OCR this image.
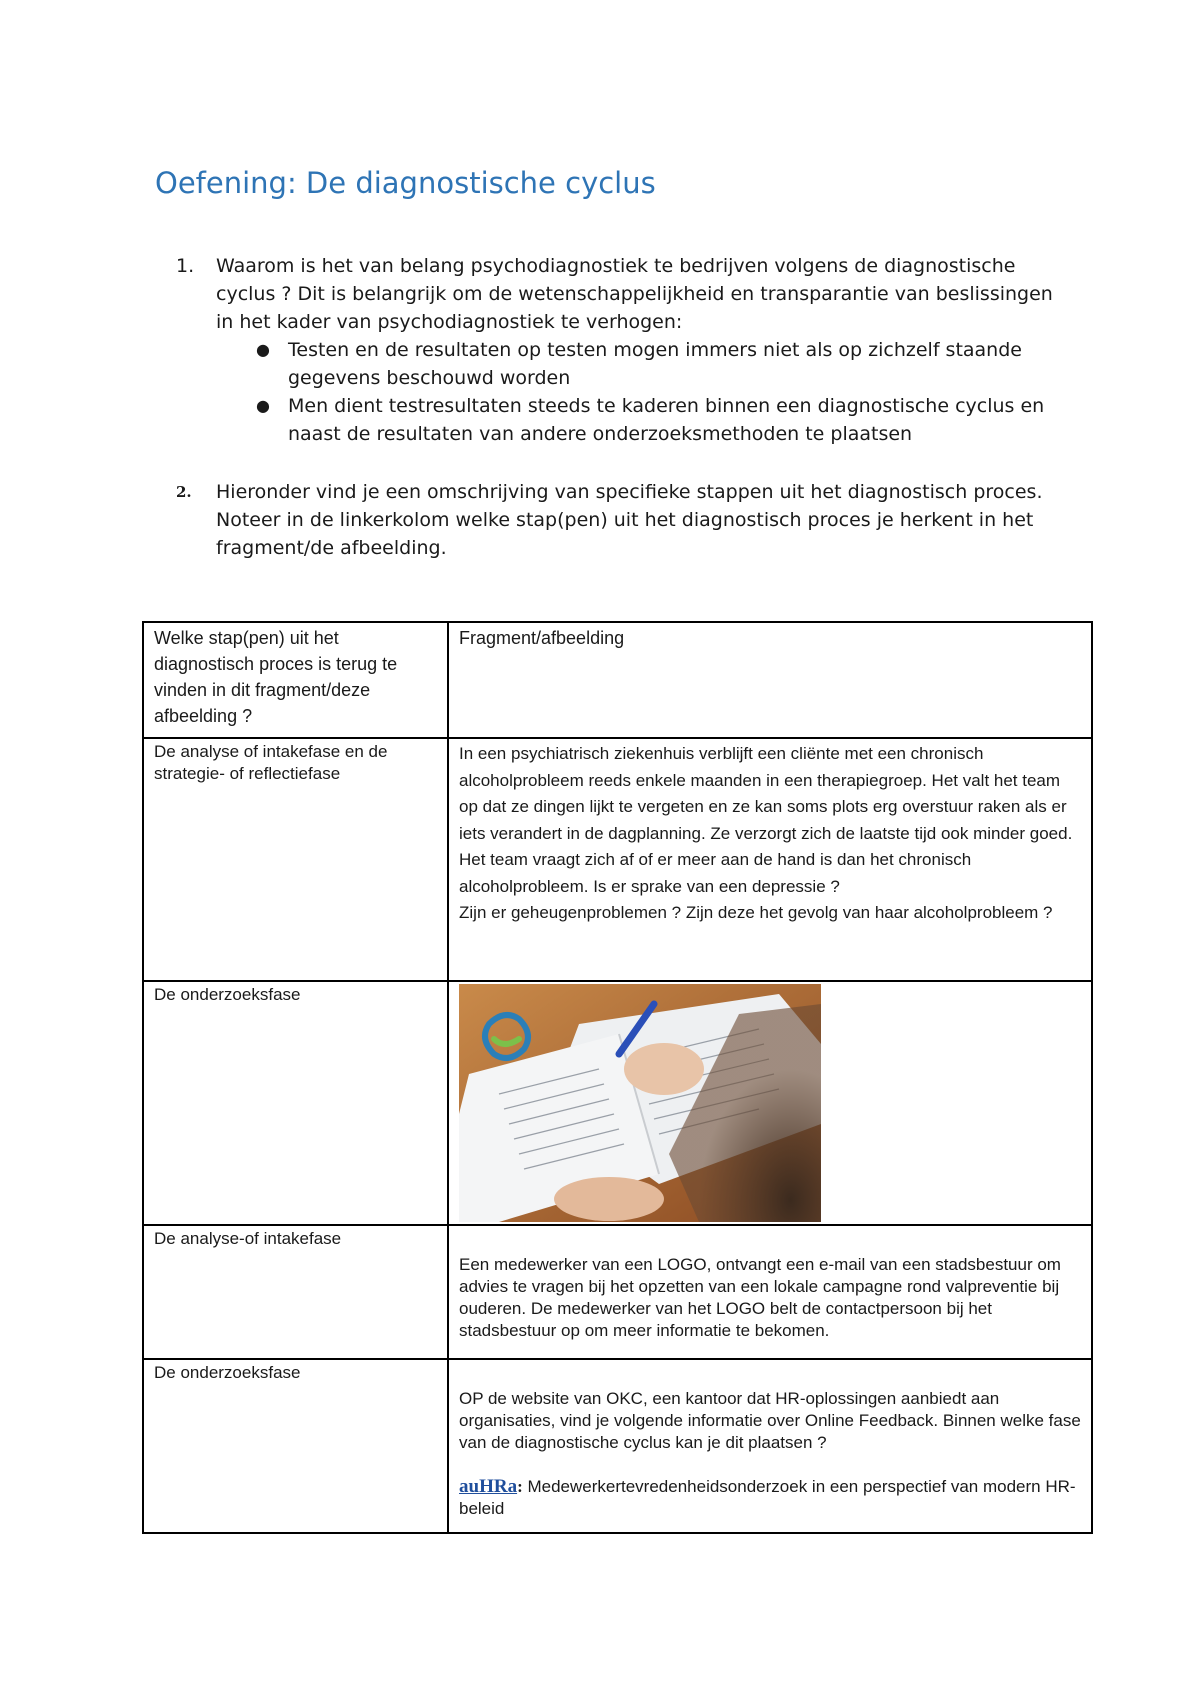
Oefening: De diagnostische cyclus
1. Waarom is het van belang psychodiagnostiek te bedrijven volgens de diagnostische cyclus ? Dit is belangrijk om de wetenschappelijkheid en transparantie van beslissingen in het kader van psychodiagnostiek te verhogen:
● Testen en de resultaten op testen mogen immers niet als op zichzelf staande gegevens beschouwd worden
● Men dient testresultaten steeds te kaderen binnen een diagnostische cyclus en naast de resultaten van andere onderzoeksmethoden te plaatsen
2. Hieronder vind je een omschrijving van specifieke stappen uit het diagnostisch proces. Noteer in de linkerkolom welke stap(pen) uit het diagnostisch proces je herkent in het fragment/de afbeelding.
Welke stap(pen) uit het diagnostisch proces is terug te vinden in dit fragment/deze afbeelding ?	Fragment/afbeelding

De analyse of intakefase en de strategie- of reflectiefase	In een psychiatrisch ziekenhuis verblijft een cliënte met een chronisch alcoholprobleem reeds enkele maanden in een therapiegroep. Het valt het team op dat ze dingen lijkt te vergeten en ze kan soms plots erg overstuur raken als er iets verandert in de dagplanning. Ze verzorgt zich de laatste tijd ook minder goed. Het team vraagt zich af of er meer aan de hand is dan het chronisch alcoholprobleem. Is er sprake van een depressie ?
Zijn er geheugenproblemen ? Zijn deze het gevolg van haar alcoholprobleem ?

De onderzoeksfase

De analyse-of intakefase	Een medewerker van een LOGO, ontvangt een e-mail van een stadsbestuur om advies te vragen bij het opzetten van een lokale campagne rond valpreventie bij ouderen. De medewerker van het LOGO belt de contactpersoon bij het stadsbestuur op om meer informatie te bekomen.

De onderzoeksfase	OP de website van OKC, een kantoor dat HR-oplossingen aanbiedt aan organisaties, vind je volgende informatie over Online Feedback. Binnen welke fase van de diagnostische cyclus kan je dit plaatsen ?
auHRa: Medewerkertevredenheidsonderzoek in een perspectief van modern HR-beleid
